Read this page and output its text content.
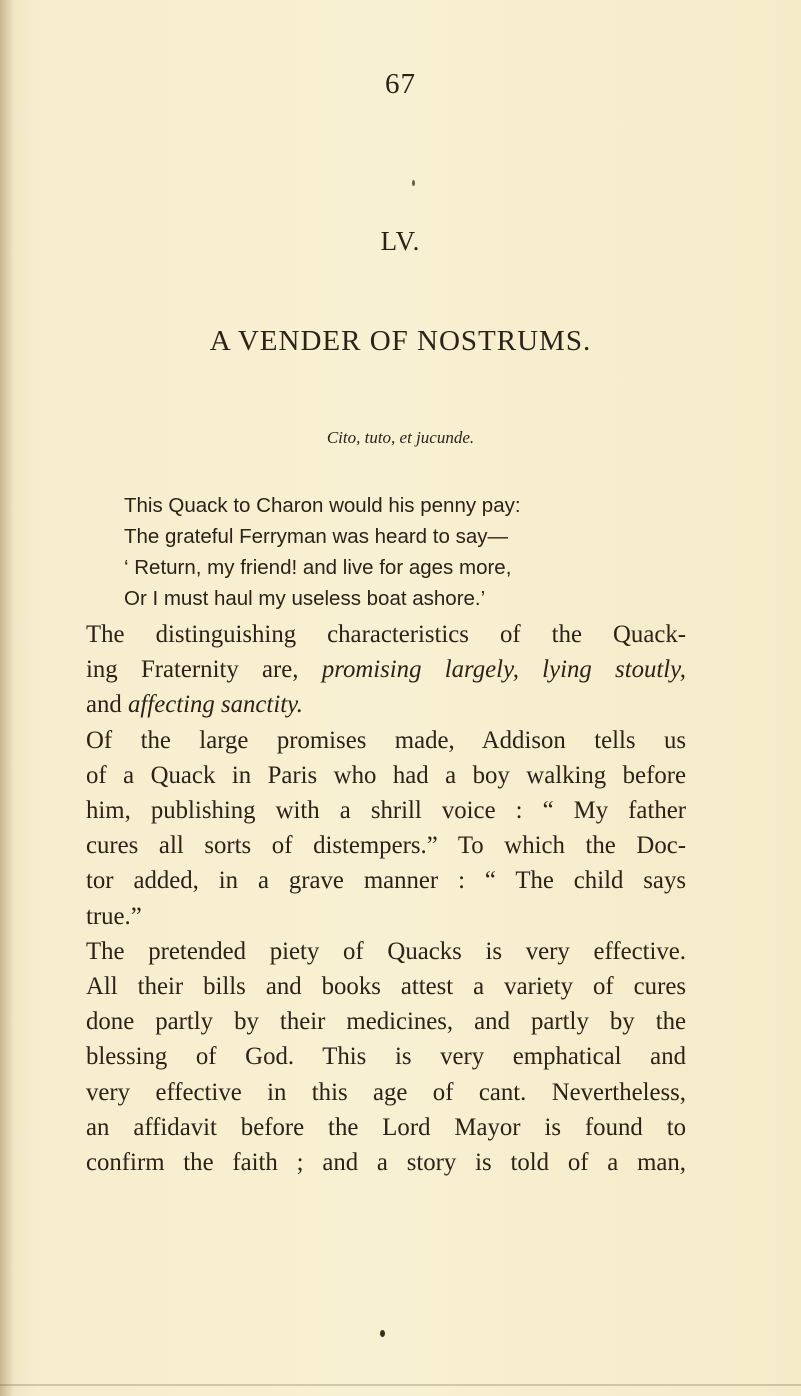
67
LV.
A VENDER OF NOSTRUMS.
Cito, tuto, et jucunde.
This Quack to Charon would his penny pay:
The grateful Ferryman was heard to say—
‘ Return, my friend! and live for ages more,
Or I must haul my useless boat ashore.’
The distinguishing characteristics of the Quack-
ing Fraternity are, promising largely, lying stoutly,
and affecting sanctity.
Of the large promises made, Addison tells us
of a Quack in Paris who had a boy walking before
him, publishing with a shrill voice : “ My father
cures all sorts of distempers.” To which the Doc-
tor added, in a grave manner : “ The child says
true.”
The pretended piety of Quacks is very effective.
All their bills and books attest a variety of cures
done partly by their medicines, and partly by the
blessing of God. This is very emphatical and
very effective in this age of cant. Nevertheless,
an affidavit before the Lord Mayor is found to
confirm the faith ; and a story is told of a man,
